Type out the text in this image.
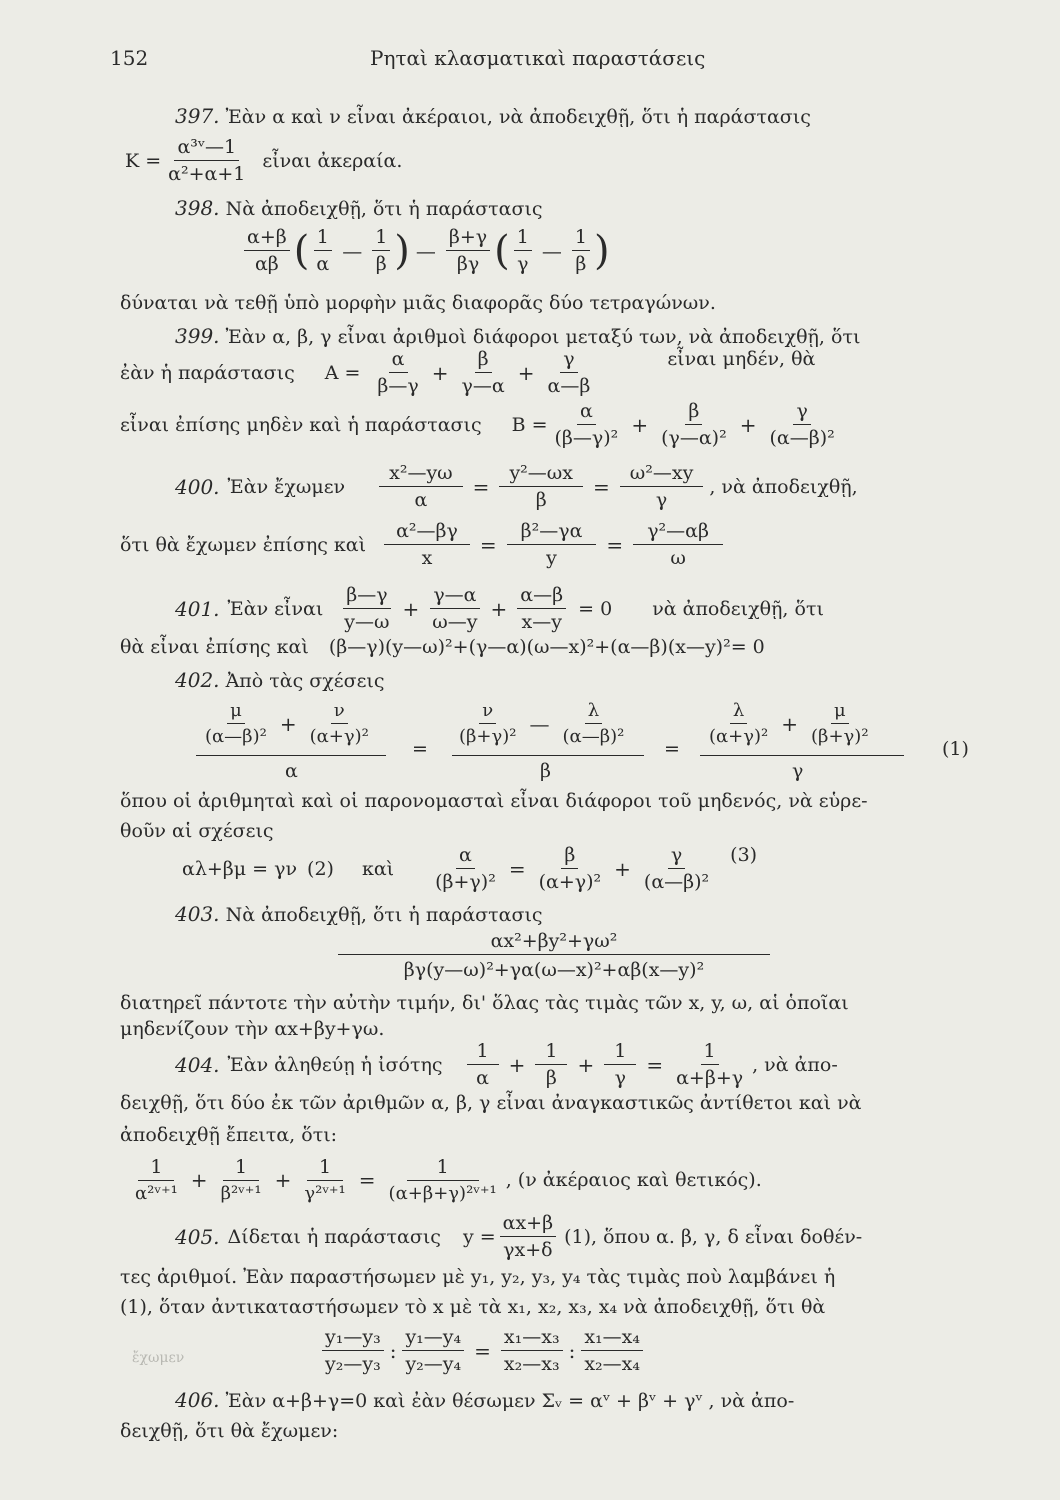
152	Ρηταὶ κλασματικαὶ παραστάσεις
397. Ἐὰν α καὶ ν εἶναι ἀκέραιοι, νὰ ἀποδειχθῇ, ὅτι ἡ παράστασις
$K = \frac{\text{α³ᵛ—1}}{\text{α²+α+1}}$ εἶναι ἀκεραία.
398. Νὰ ἀποδειχθῇ, ὅτι ἡ παράστασις
$\frac{\alpha+\beta}{\alpha\beta}$ ( $\frac{1}{\alpha}$ — $\frac{1}{\beta}$ ) — $\frac{\beta+\gamma}{\beta\gamma}$ ( $\frac{1}{\gamma}$ — $\frac{1}{\beta}$ )
δύναται νὰ τεθῇ ὑπὸ μορφὴν μιᾶς διαφορᾶς δύο τετραγώνων.
399. Ἐὰν α, β, γ εἶναι ἀριθμοὶ διάφοροι μεταξύ των, νὰ ἀποδειχθῇ, ὅτι
ἐὰν ἡ παράστασις $A = \frac{\alpha}{\beta—\gamma} + \frac{\beta}{\gamma—\alpha} + \frac{\gamma}{\alpha—\beta}$	εἶναι μηδέν, θὰ
εἶναι ἐπίσης μηδὲν καὶ ἡ παράστασις $B = \frac{\alpha}{\text{(β—γ)²}} + \frac{\beta}{\text{(γ—α)²}} + \frac{\gamma}{\text{(α—β)²}}$
400. Ἐὰν ἔχωμεν $\frac{\text{x²—yω}}{\alpha} = \frac{\text{y²—ωx}}{\beta} = \frac{\text{ω²—xy}}{\gamma}$ , νὰ ἀποδειχθῇ,
ὅτι θὰ ἔχωμεν ἐπίσης καὶ $\frac{\text{α²—βγ}}{x} = \frac{\text{β²—γα}}{y} = \frac{\text{γ²—αβ}}{\omega}$
401. Ἐὰν εἶναι $\frac{\beta—\gamma}{y—\omega} + \frac{\gamma—\alpha}{\omega—y} + \frac{\alpha—\beta}{x—y} = 0$ νὰ ἀποδειχθῇ, ὅτι
θὰ εἶναι ἐπίσης καὶ (β—γ)(y—ω)²+(γ—α)(ω—x)²+(α—β)(x—y)²= 0
402. Ἀπὸ τὰς σχέσεις
$\frac{\mu}{\text{(α—β)²}} + \frac{\nu}{\text{(α+γ)²}}$
α
=
$\frac{\nu}{\text{(β+γ)²}}$ — $\frac{\lambda}{\text{(α—β)²}}$
β
=
$\frac{\lambda}{\text{(α+γ)²}} + \frac{\mu}{\text{(β+γ)²}}$
γ
(1)
ὅπου οἱ ἀριθμηταὶ καὶ οἱ παρονομασταὶ εἶναι διάφοροι τοῦ μηδενός, νὰ εὑρε-
θοῦν αἱ σχέσεις
αλ+βμ = γν (2) καὶ $\frac{\alpha}{\text{(β+γ)²}} = \frac{\beta}{\text{(α+γ)²}} + \frac{\gamma}{\text{(α—β)²}} (3)$
403. Νὰ ἀποδειχθῇ, ὅτι ἡ παράστασις
$\frac{\text{αx²+βy²+γω²}}{\text{βγ(y—ω)²+γα(ω—x)²+αβ(x—y)²}}$
διατηρεῖ πάντοτε τὴν αὐτὴν τιμήν, δι' ὅλας τὰς τιμὰς τῶν x, y, ω, αἱ ὁποῖαι
μηδενίζουν τὴν αx+βy+γω.
404. Ἐὰν ἀληθεύῃ ἡ ἰσότης $\frac{1}{\alpha} + \frac{1}{\beta} + \frac{1}{\gamma} = \frac{1}{\alpha+\beta+\gamma}$ , νὰ ἀπο-
δειχθῇ, ὅτι δύο ἐκ τῶν ἀριθμῶν α, β, γ εἶναι ἀναγκαστικῶς ἀντίθετοι καὶ νὰ
ἀποδειχθῇ ἔπειτα, ὅτι:
$\frac{1}{\text{α²ᵛ⁺¹}} + \frac{1}{\text{β²ᵛ⁺¹}} + \frac{1}{\text{γ²ᵛ⁺¹}} = \frac{1}{\text{(α+β+γ)²ᵛ⁺¹}}$ , (ν ἀκέραιος καὶ θετικός).
405. Δίδεται ἡ παράστασις $y = \frac{\alpha x+\beta}{\gamma x+\delta} (1)$, ὅπου α. β, γ, δ εἶναι δοθέν-
τες ἀριθμοί. Ἐὰν παραστήσωμεν μὲ y₁, y₂, y₃, y₄ τὰς τιμὰς ποὺ λαμβάνει ἡ
(1), ὅταν ἀντικαταστήσωμεν τὸ x μὲ τὰ x₁, x₂, x₃, x₄ νὰ ἀποδειχθῇ, ὅτι θὰ
ἔχωμεν	$\frac{\text{y₁—y₃}}{\text{y₂—y₃}}$ : $\frac{\text{y₁—y₄}}{\text{y₂—y₄}} = \frac{\text{x₁—x₃}}{\text{x₂—x₃}}$ : $\frac{\text{x₁—x₄}}{\text{x₂—x₄}}$
406. Ἐὰν α+β+γ=0 καὶ ἐὰν θέσωμεν Σᵥ = αᵛ + βᵛ + γᵛ , νὰ ἀπο-
δειχθῇ, ὅτι θὰ ἔχωμεν:
